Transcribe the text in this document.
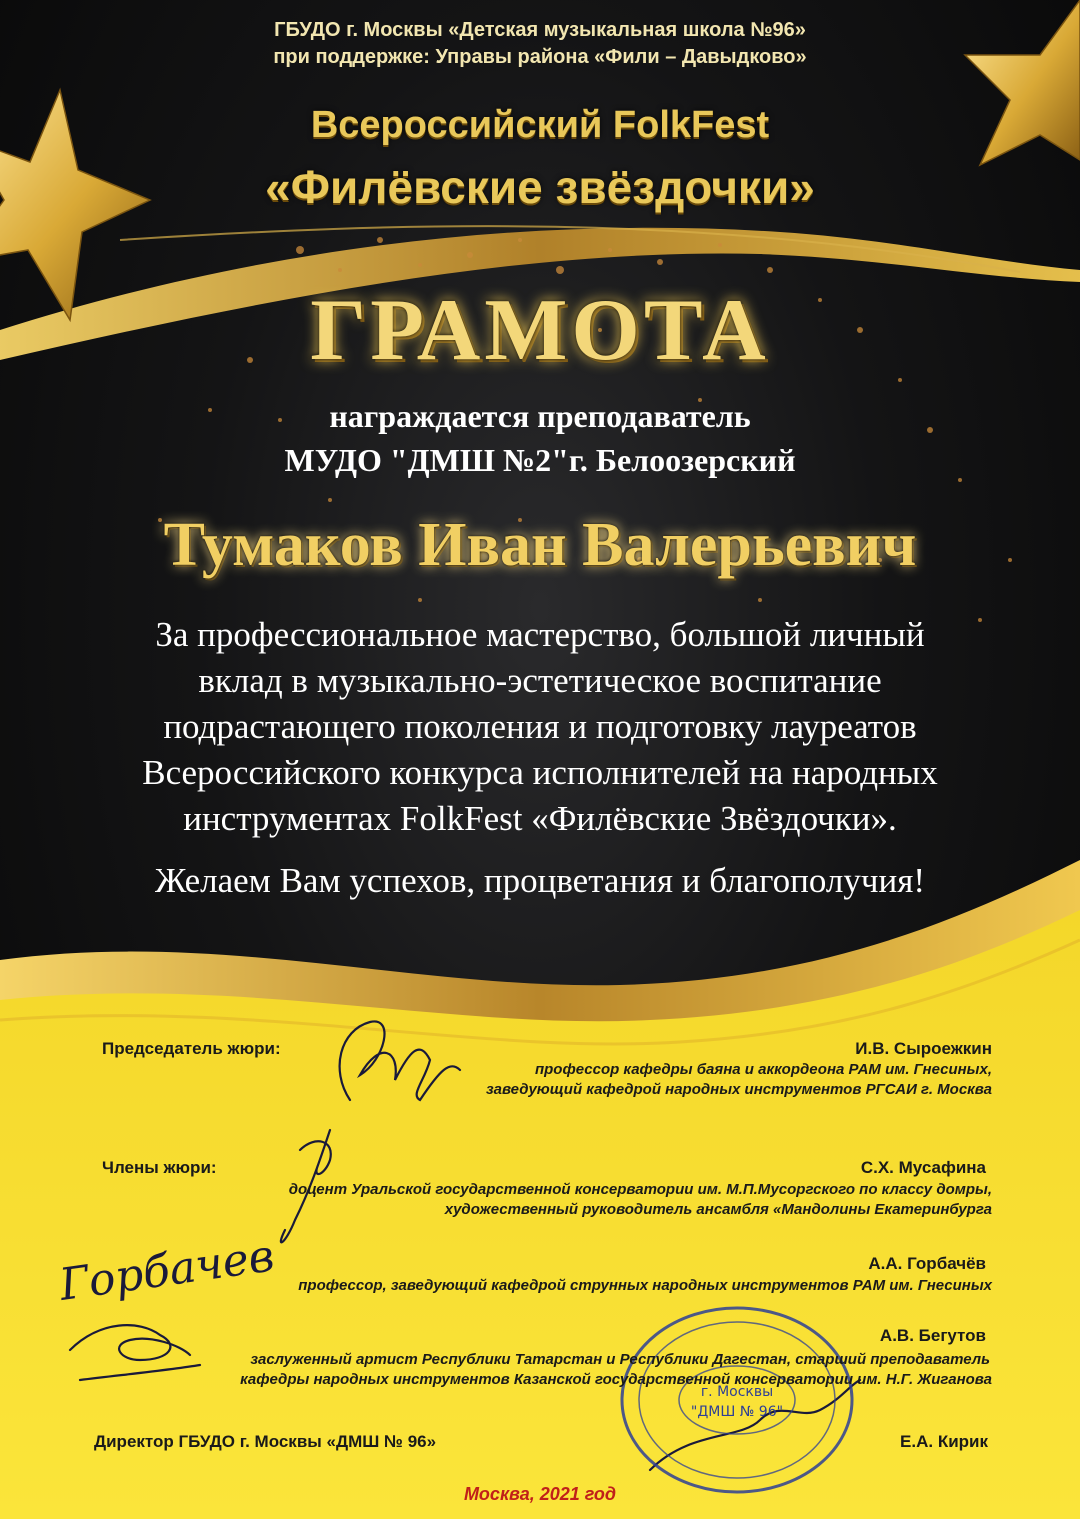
ГБУДО г. Москвы «Детская музыкальная школа №96»

при поддержке: Управы района «Фили – Давыдково»

Всероссийский FolkFest

«Филёвские звёздочки»

ГРАМОТА

награждается преподаватель

МУДО "ДМШ №2"г. Белоозерский

Тумаков Иван Валерьевич

За профессиональное мастерство, большой личный
вклад в музыкально-эстетическое воспитание
подрастающего поколения и подготовку лауреатов
Всероссийского конкурса исполнителей на народных
инструментах FolkFest «Филёвские Звёздочки».

Желаем Вам успехов, процветания и благополучия!

Горбачев
г. Москвы
"ДМШ № 96"
Председатель жюри:	И.В. Сыроежкин
профессор кафедры баяна и аккордеона РАМ им. Гнесиных,
заведующий кафедрой народных инструментов РГСАИ г. Москва
Члены жюри:	С.Х. Мусафина
доцент Уральской государственной консерватории им. М.П.Мусоргского по классу домры,
художественный руководитель ансамбля «Мандолины Екатеринбурга
А.А. Горбачёв
профессор, заведующий кафедрой струнных народных инструментов РАМ им. Гнесиных
А.В. Бегутов
заслуженный артист Республики Татарстан и Республики Дагестан, старший преподаватель
кафедры народных инструментов Казанской государственной консерватории им. Н.Г. Жиганова
Директор ГБУДО г. Москвы «ДМШ № 96»	Е.А. Кирик

Москва, 2021 год
